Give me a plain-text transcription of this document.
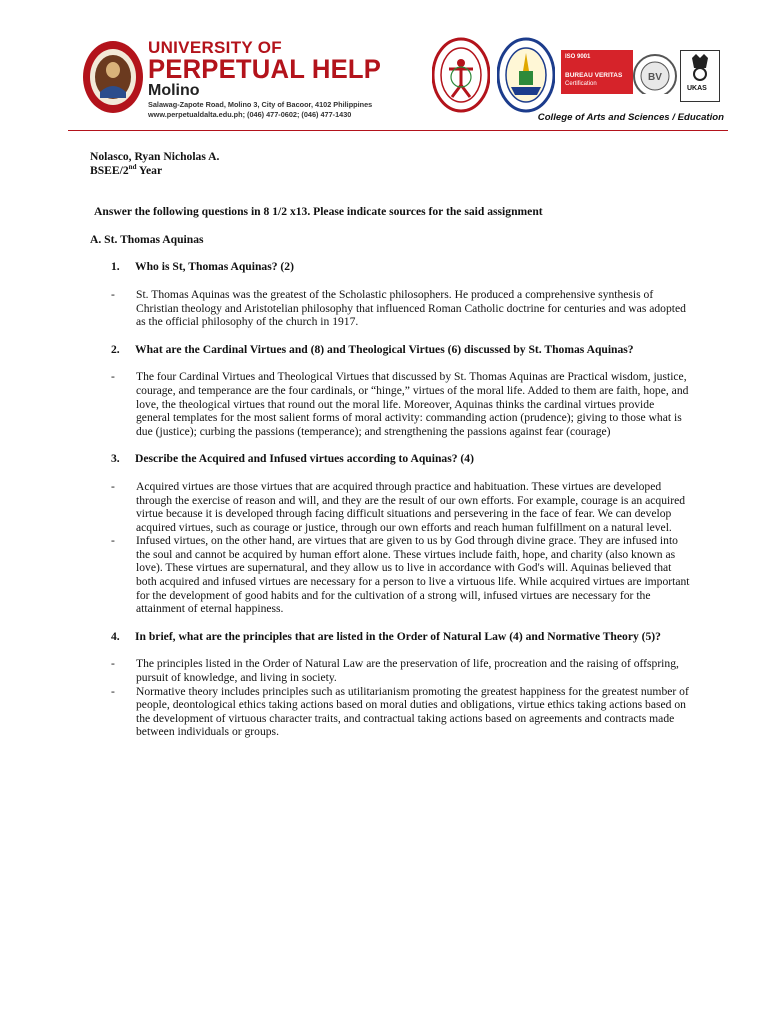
UNIVERSITY OF
PERPETUAL HELP
Molino
Salawag-Zapote Road, Molino 3, City of Bacoor, 4102 Philippines
www.perpetualdalta.edu.ph; (046) 477-0602; (046) 477-1430
BV
ISO 9001
BUREAU VERITAS
Certification
UKAS
College of Arts and Sciences / Education

Nolasco, Ryan Nicholas A.

BSEE/2nd Year

Answer the following questions in 8 1/2 x13. Please indicate sources for the said assignment
A. St. Thomas Aquinas
1.	Who is St, Thomas Aquinas? (2)
-	St. Thomas Aquinas was the greatest of the Scholastic philosophers. He produced a comprehensive synthesis of Christian theology and Aristotelian philosophy that influenced Roman Catholic doctrine for centuries and was adopted as the official philosophy of the church in 1917.
2.	What are the Cardinal Virtues and (8) and Theological Virtues (6) discussed by St. Thomas Aquinas?
-	The four Cardinal Virtues and Theological Virtues that discussed by St. Thomas Aquinas are Practical wisdom, justice, courage, and temperance are the four cardinals, or “hinge,” virtues of the moral life. Added to them are faith, hope, and love, the theological virtues that round out the moral life. Moreover, Aquinas thinks the cardinal virtues provide general templates for the most salient forms of moral activity: commanding action (prudence); giving to those what is due (justice); curbing the passions (temperance); and strengthening the passions against fear (courage)
3.	Describe the Acquired and Infused virtues according to Aquinas? (4)
-	Acquired virtues are those virtues that are acquired through practice and habituation. These virtues are developed through the exercise of reason and will, and they are the result of our own efforts. For example, courage is an acquired virtue because it is developed through facing difficult situations and persevering in the face of fear. We can develop acquired virtues, such as courage or justice, through our own efforts and reach human fulfillment on a natural level.
-	Infused virtues, on the other hand, are virtues that are given to us by God through divine grace. They are infused into the soul and cannot be acquired by human effort alone. These virtues include faith, hope, and charity (also known as love). These virtues are supernatural, and they allow us to live in accordance with God's will. Aquinas believed that both acquired and infused virtues are necessary for a person to live a virtuous life. While acquired virtues are important for the development of good habits and for the cultivation of a strong will, infused virtues are necessary for the attainment of eternal happiness.
4.	In brief, what are the principles that are listed in the Order of Natural Law (4) and Normative Theory (5)?
-	The principles listed in the Order of Natural Law are the preservation of life, procreation and the raising of offspring, pursuit of knowledge, and living in society.
-	Normative theory includes principles such as utilitarianism promoting the greatest happiness for the greatest number of people, deontological ethics taking actions based on moral duties and obligations, virtue ethics taking actions based on the development of virtuous character traits, and contractual taking actions based on agreements and contracts made between individuals or groups.
